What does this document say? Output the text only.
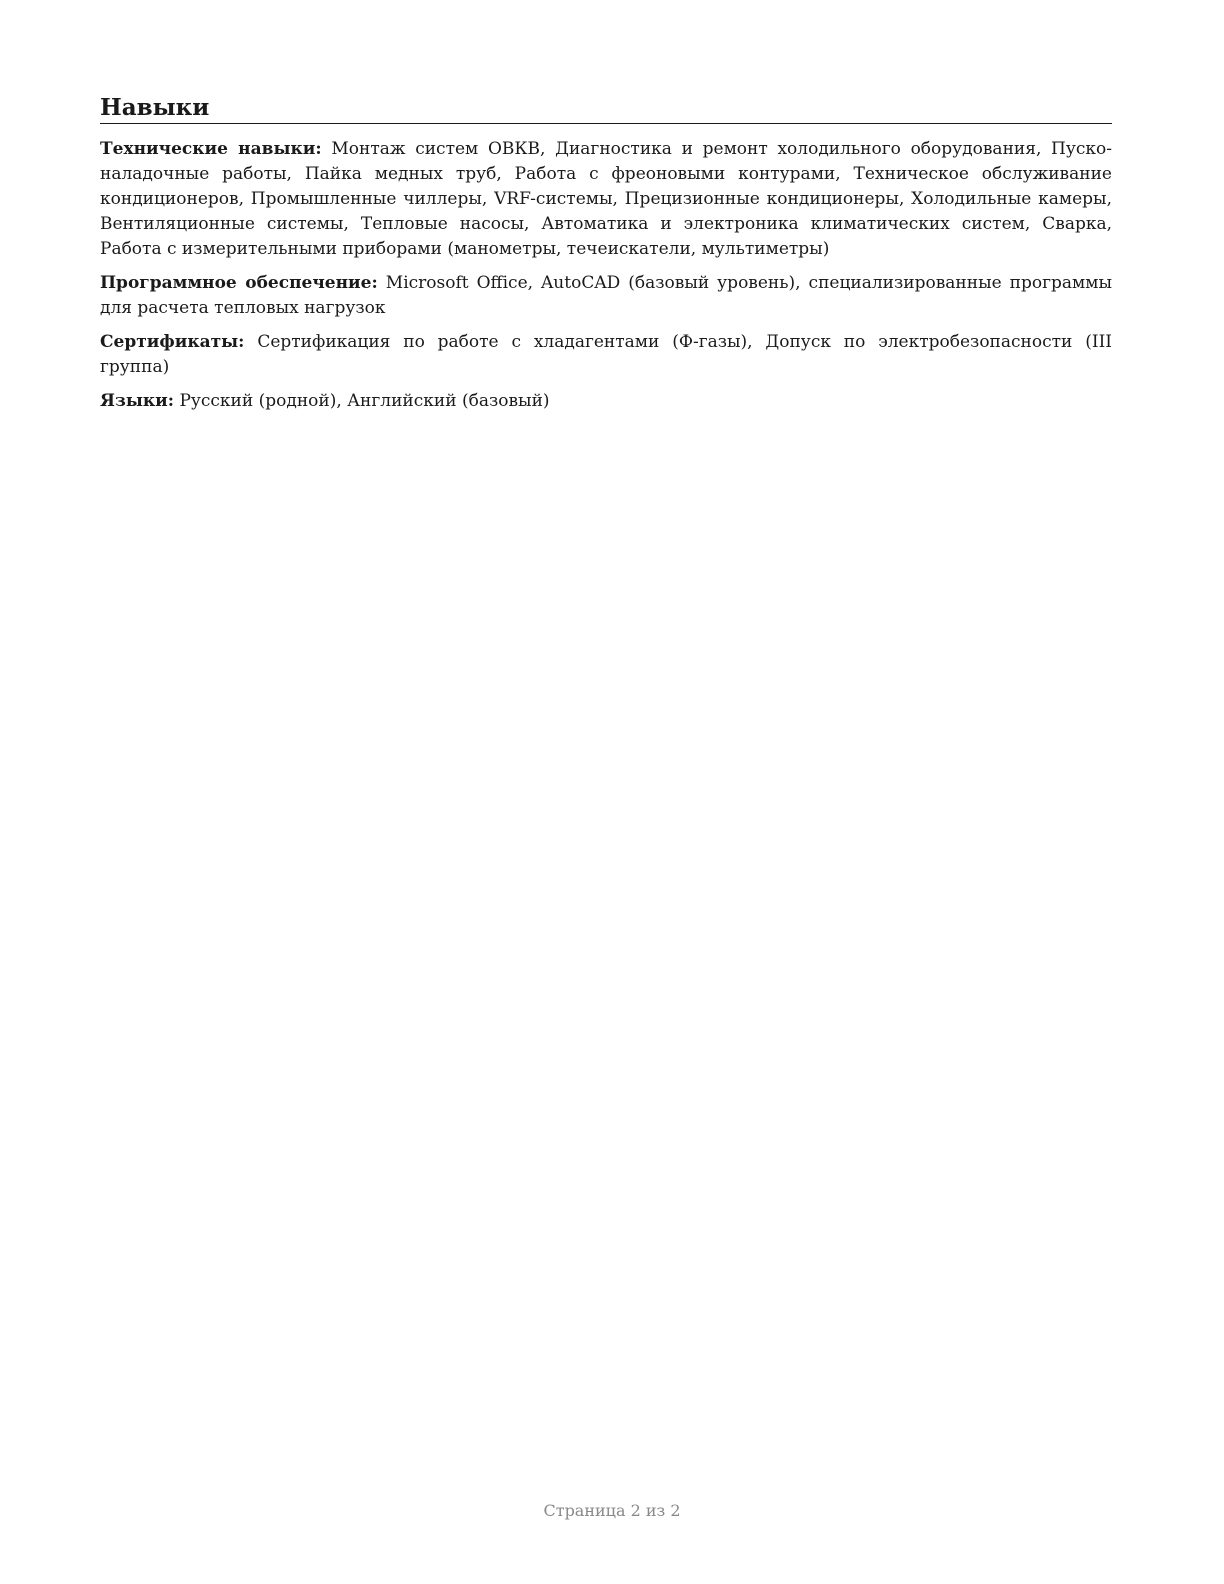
Навыки

Технические навыки: Монтаж систем ОВКВ, Диагностика и ремонт холодильного оборудования, Пуско-наладочные работы, Пайка медных труб, Работа с фреоновыми контурами, Техническое обслуживание кондиционеров, Промышленные чиллеры, VRF-системы, Прецизионные кондиционеры, Холодильные камеры, Вентиляционные системы, Тепловые насосы, Автоматика и электроника климатических систем, Сварка, Работа с измерительными приборами (манометры, течеискатели, мультиметры)

Программное обеспечение: Microsoft Office, AutoCAD (базовый уровень), специализированные программы для расчета тепловых нагрузок

Сертификаты: Сертификация по работе с хладагентами (Ф-газы), Допуск по электробезопасности (III группа)

Языки: Русский (родной), Английский (базовый)

Страница 2 из 2
